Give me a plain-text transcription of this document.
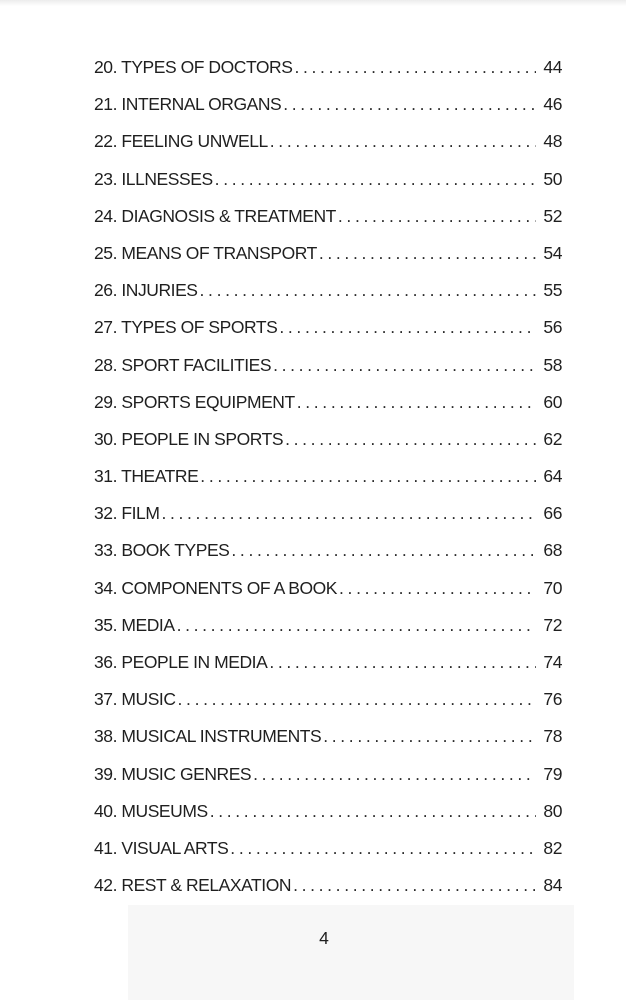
20. TYPES OF DOCTORS . . .	44
21. INTERNAL ORGANS . . .	46
22. FEELING UNWELL . . .	48
23. ILLNESSES . . .	50
24. DIAGNOSIS & TREATMENT . . .	52
25. MEANS OF TRANSPORT . . .	54
26. INJURIES . . .	55
27. TYPES OF SPORTS . . .	56
28. SPORT FACILITIES . . .	58
29. SPORTS EQUIPMENT . . .	60
30. PEOPLE IN SPORTS . . .	62
31. THEATRE . . .	64
32. FILM . . .	66
33. BOOK TYPES . . .	68
34. COMPONENTS OF A BOOK . . .	70
35. MEDIA . . .	72
36. PEOPLE IN MEDIA . . .	74
37. MUSIC . . .	76
38. MUSICAL INSTRUMENTS . . .	78
39. MUSIC GENRES . . .	79
40. MUSEUMS . . .	80
41. VISUAL ARTS . . .	82
42. REST & RELAXATION . . .	84
4
